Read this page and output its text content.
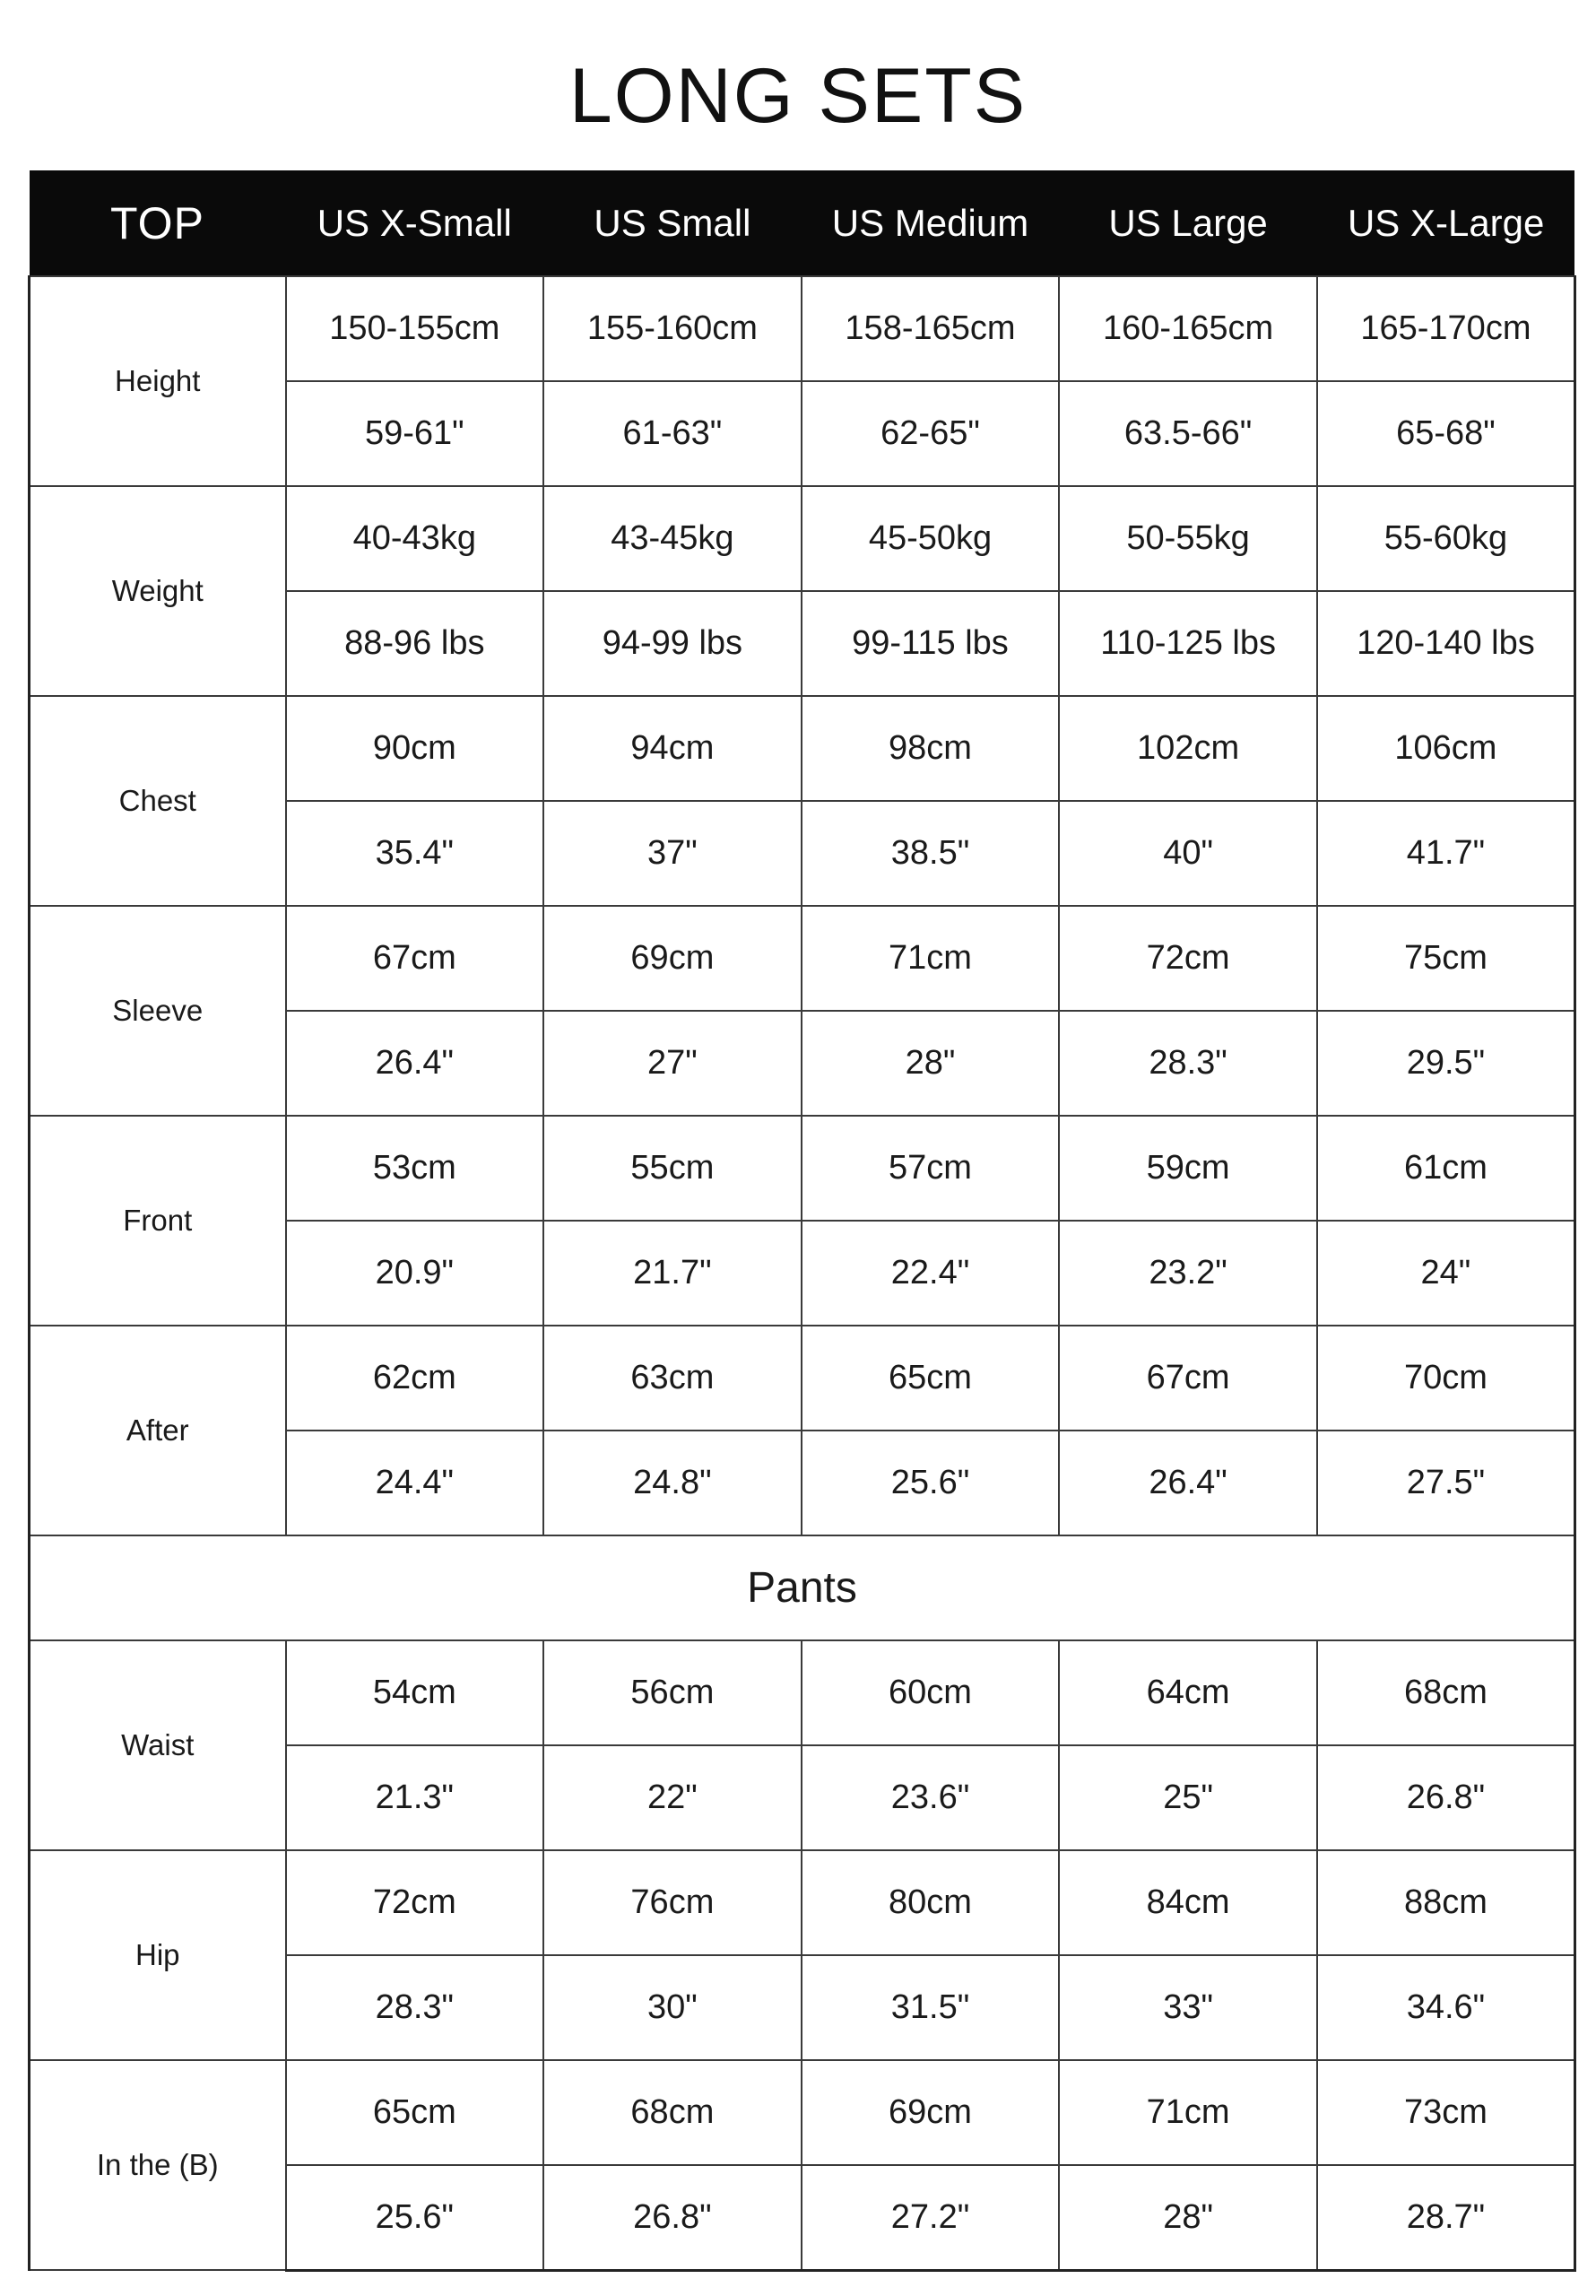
LONG SETS
TOP	US X-Small	US Small	US Medium	US Large	US X-Large
Height	150-155cm	155-160cm	158-165cm	160-165cm	165-170cm
	59-61"	61-63"	62-65"	63.5-66"	65-68"
Weight	40-43kg	43-45kg	45-50kg	50-55kg	55-60kg
	88-96 lbs	94-99 lbs	99-115 lbs	110-125 lbs	120-140 lbs
Chest	90cm	94cm	98cm	102cm	106cm
	35.4"	37"	38.5"	40"	41.7"
Sleeve	67cm	69cm	71cm	72cm	75cm
	26.4"	27"	28"	28.3"	29.5"
Front	53cm	55cm	57cm	59cm	61cm
	20.9"	21.7"	22.4"	23.2"	24"
After	62cm	63cm	65cm	67cm	70cm
	24.4"	24.8"	25.6"	26.4"	27.5"
Pants					
Waist	54cm	56cm	60cm	64cm	68cm
	21.3"	22"	23.6"	25"	26.8"
Hip	72cm	76cm	80cm	84cm	88cm
	28.3"	30"	31.5"	33"	34.6"
In the (B)	65cm	68cm	69cm	71cm	73cm
	25.6"	26.8"	27.2"	28"	28.7"
